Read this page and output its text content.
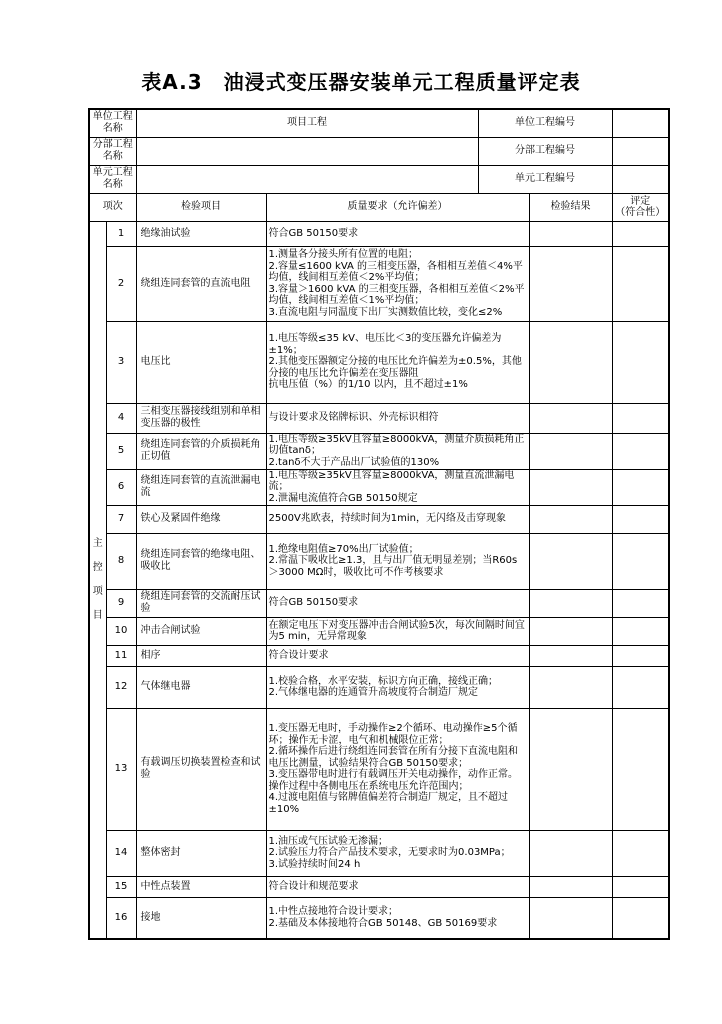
表A.3　油浸式变压器安装单元工程质量评定表
单位工程名称		项目工程		单位工程编号		
分部工程名称				分部工程编号		
单元工程名称				单元工程编号		
项次		检验项目	质量要求（允许偏差）		检验结果	评定
（符合性）
主
控
项
目	1	绝缘油试验	符合GB 50150要求			
	2	绕组连同套管的直流电阻	1.测量各分接头所有位置的电阻；
2.容量≤1600 kVA 的三相变压器，各相相互差值＜4%平均值，线间相互差值＜2%平均值；
3.容量＞1600 kVA 的三相变压器，各相相互差值＜2%平均值，线间相互差值＜1%平均值；
3.直流电阻与同温度下出厂实测数值比较，变化≤2%			
	3	电压比	1.电压等级≤35 kV、电压比＜3的变压器允许偏差为±1%；
2.其他变压器额定分接的电压比允许偏差为±0.5%，其他分接的电压比允许偏差在变压器阻
抗电压值（%）的1/10 以内，且不超过±1%			
	4	三相变压器接线组别和单相变压器的极性	与设计要求及铭牌标识、外壳标识相符			
	5	绕组连同套管的介质损耗角正切值	1.电压等级≥35kV且容量≥8000kVA，测量介质损耗角正切值tanδ；
2.tanδ不大于产品出厂试验值的130%			
	6	绕组连同套管的直流泄漏电流	1.电压等级≥35kV且容量≥8000kVA，测量直流泄漏电流；
2.泄漏电流值符合GB 50150规定			
	7	铁心及紧固件绝缘	2500V兆欧表，持续时间为1min，无闪络及击穿现象			
	8	绕组连同套管的绝缘电阻、吸收比	1.绝缘电阻值≥70%出厂试验值；
2.常温下吸收比≥1.3，且与出厂值无明显差别；当R60s＞3000 MΩ时，吸收比可不作考核要求			
	9	绕组连同套管的交流耐压试验	符合GB 50150要求			
	10	冲击合闸试验	在额定电压下对变压器冲击合闸试验5次，每次间隔时间宜为5 min，无异常现象			
	11	相序	符合设计要求			
	12	气体继电器	1.校验合格，水平安装，标识方向正确，接线正确；
2.气体继电器的连通管升高坡度符合制造厂规定			
	13	有载调压切换装置检查和试验	1.变压器无电时，手动操作≥2个循环、电动操作≥5个循环；操作无卡涩，电气和机械限位正常；
2.循环操作后进行绕组连同套管在所有分接下直流电阻和电压比测量，试验结果符合GB 50150要求；
3.变压器带电时进行有载调压开关电动操作，动作正常。操作过程中各侧电压在系统电压允许范围内；
4.过渡电阻值与铭牌值偏差符合制造厂规定，且不超过±10%			
	14	整体密封	1.油压或气压试验无渗漏；
2.试验压力符合产品技术要求，无要求时为0.03MPa；
3.试验持续时间24 h			
	15	中性点装置	符合设计和规范要求			
	16	接地	1.中性点接地符合设计要求；
2.基础及本体接地符合GB 50148、GB 50169要求			
